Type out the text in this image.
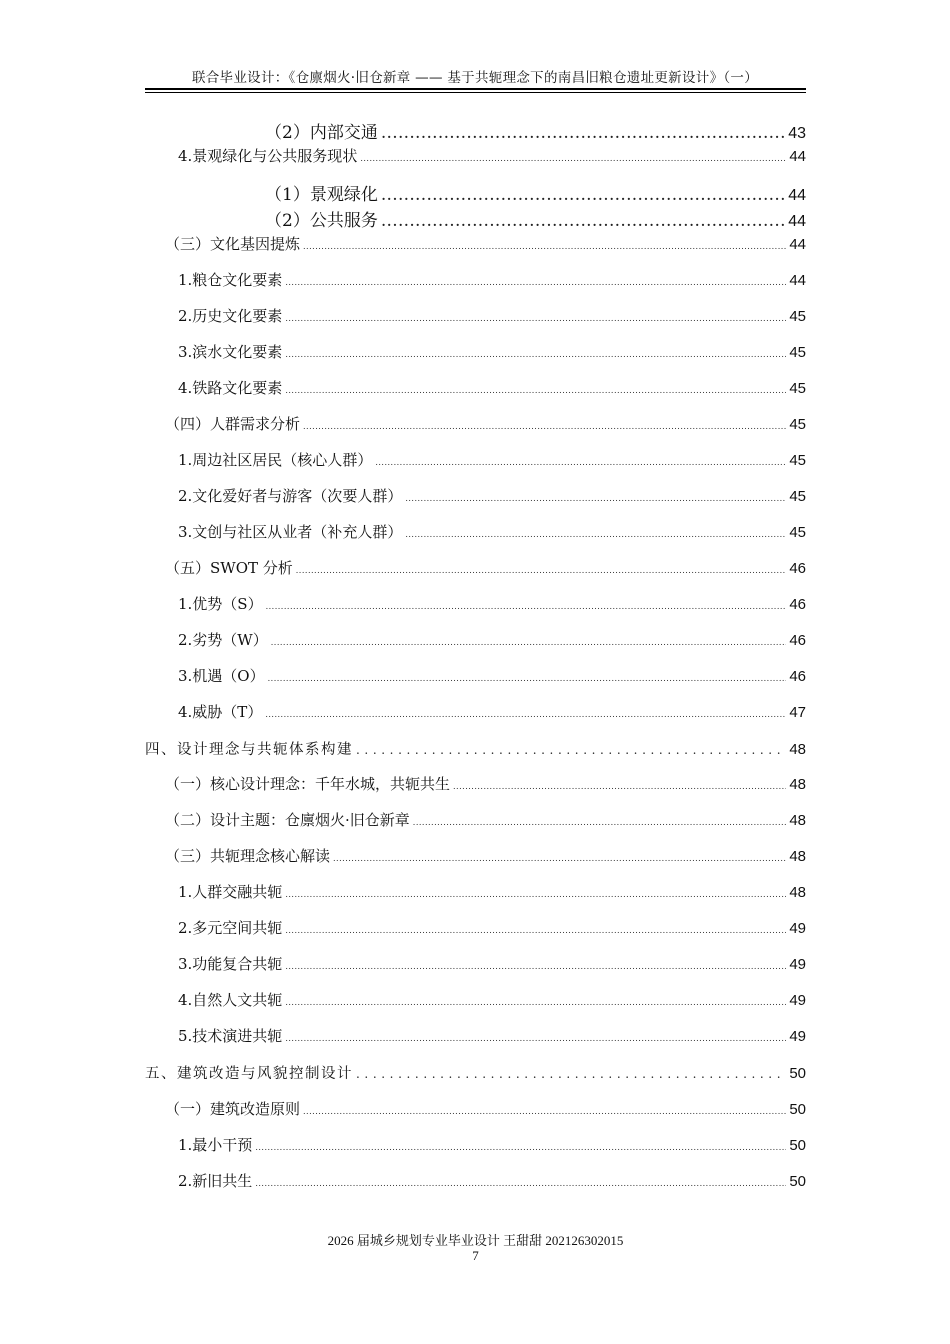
联合毕业设计：《仓廪烟火·旧仓新章 —— 基于共轭理念下的南昌旧粮仓遗址更新设计》（一）
（2）内部交通 .....	43
4.景观绿化与公共服务现状 .....	44
（1）景观绿化 .....	44
（2）公共服务 .....	44
（三）文化基因提炼 .....	44
1.粮仓文化要素 .....	44
2.历史文化要素 .....	45
3.滨水文化要素 .....	45
4.铁路文化要素 .....	45
（四）人群需求分析 .....	45
1.周边社区居民（核心人群） .....	45
2.文化爱好者与游客（次要人群） .....	45
3.文创与社区从业者（补充人群） .....	45
（五）SWOT 分析 .....	46
1.优势（S） .....	46
2.劣势（W） .....	46
3.机遇（O） .....	46
4.威胁（T） .....	47
四、设计理念与共轭体系构建 .....	48
（一）核心设计理念：千年水城，共轭共生 .....	48
（二）设计主题：仓廪烟火·旧仓新章 .....	48
（三）共轭理念核心解读 .....	48
1.人群交融共轭 .....	48
2.多元空间共轭 .....	49
3.功能复合共轭 .....	49
4.自然人文共轭 .....	49
5.技术演进共轭 .....	49
五、建筑改造与风貌控制设计 .....	50
（一）建筑改造原则 .....	50
1.最小干预 .....	50
2.新旧共生 .....	50
2026 届城乡规划专业毕业设计 王甜甜 202126302015
7
